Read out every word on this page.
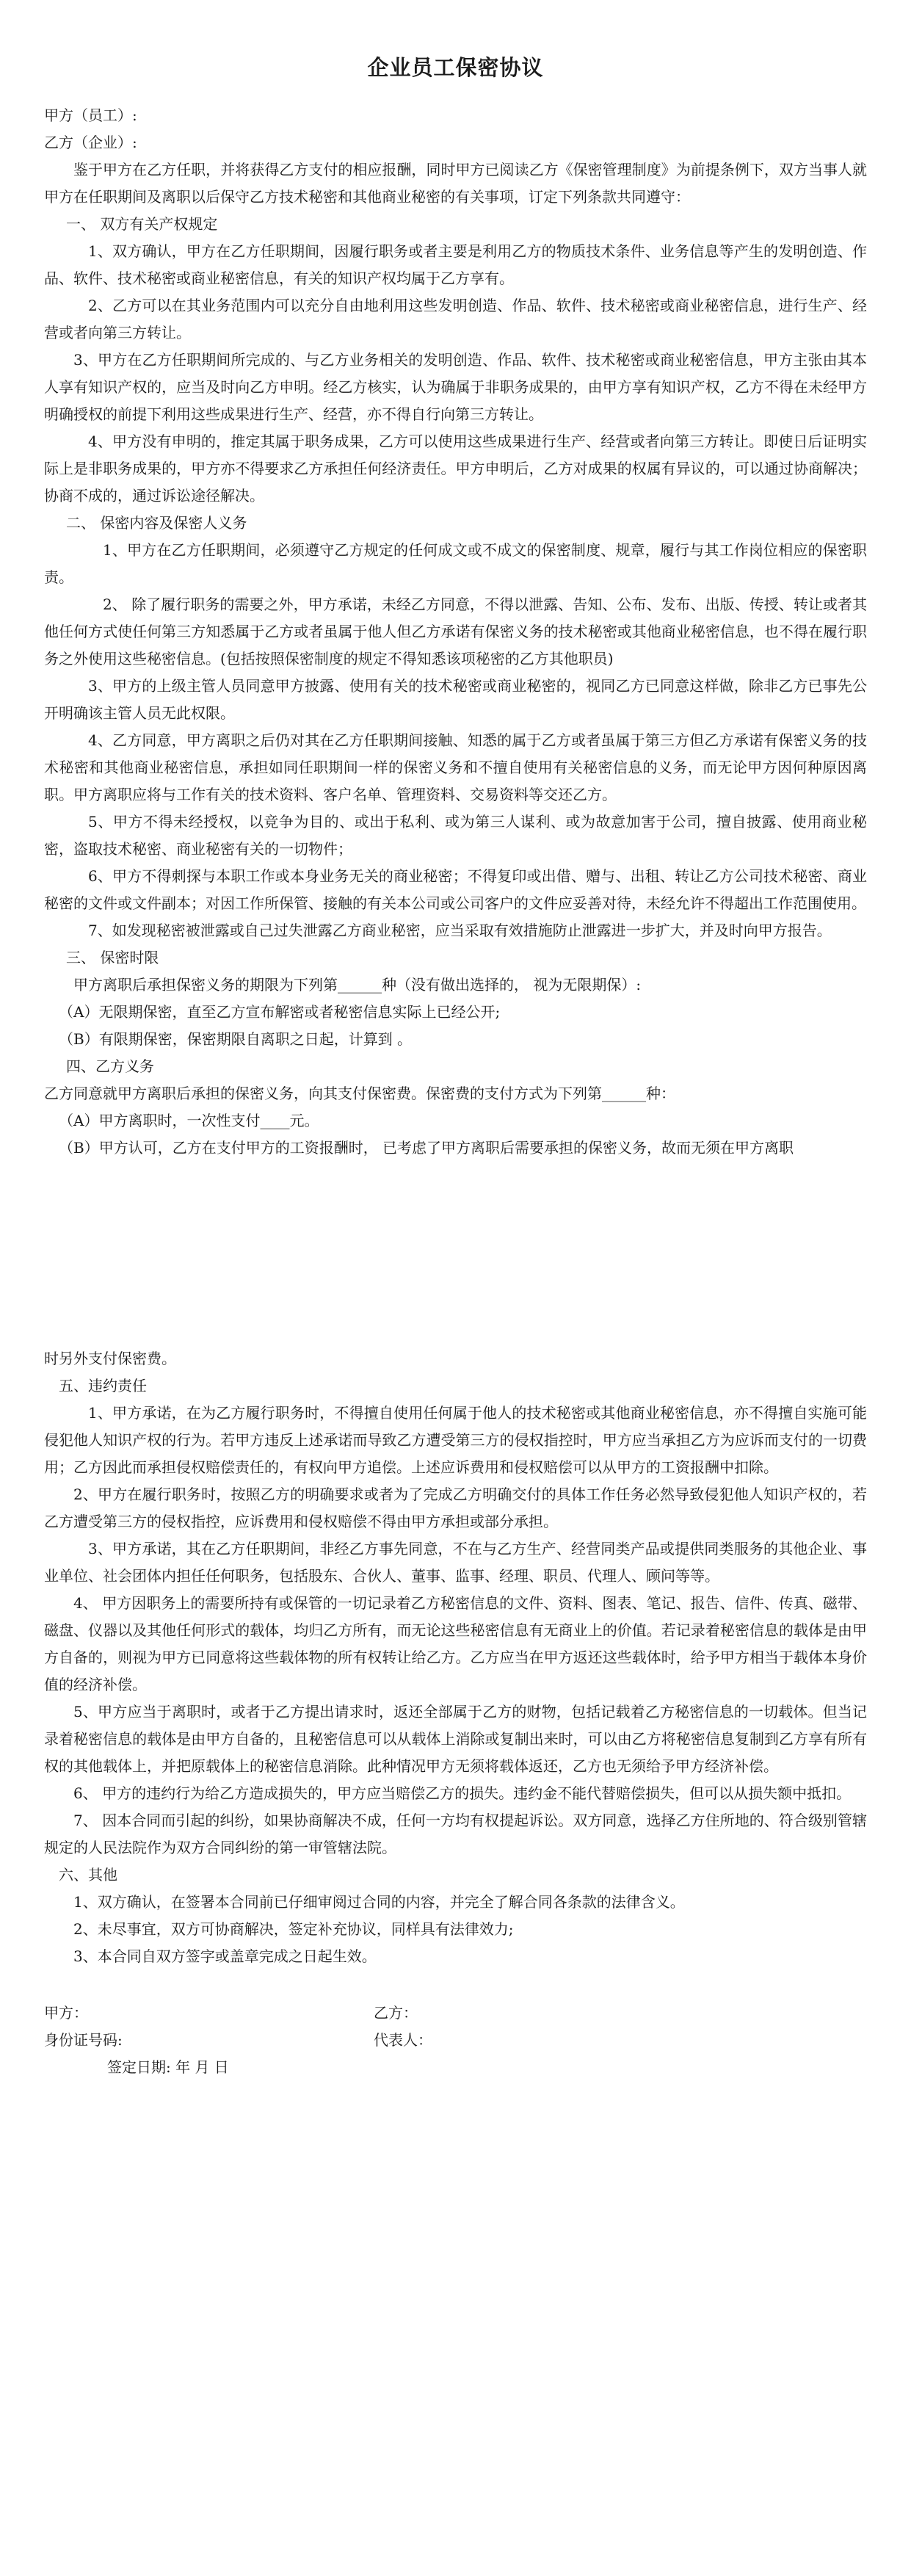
企业员工保密协议

甲方（员工）:

乙方（企业）:

鉴于甲方在乙方任职，并将获得乙方支付的相应报酬，同时甲方已阅读乙方《保密管理制度》为前提条例下，双方当事人就甲方在任职期间及离职以后保守乙方技术秘密和其他商业秘密的有关事项，订定下列条款共同遵守：

一、 双方有关产权规定

1、双方确认，甲方在乙方任职期间，因履行职务或者主要是利用乙方的物质技术条件、业务信息等产生的发明创造、作品、软件、技术秘密或商业秘密信息，有关的知识产权均属于乙方享有。

2、乙方可以在其业务范围内可以充分自由地利用这些发明创造、作品、软件、技术秘密或商业秘密信息，进行生产、经营或者向第三方转让。

3、甲方在乙方任职期间所完成的、与乙方业务相关的发明创造、作品、软件、技术秘密或商业秘密信息，甲方主张由其本人享有知识产权的，应当及时向乙方申明。经乙方核实，认为确属于非职务成果的，由甲方享有知识产权，乙方不得在未经甲方明确授权的前提下利用这些成果进行生产、经营，亦不得自行向第三方转让。

4、甲方没有申明的，推定其属于职务成果，乙方可以使用这些成果进行生产、经营或者向第三方转让。即使日后证明实际上是非职务成果的，甲方亦不得要求乙方承担任何经济责任。甲方申明后，乙方对成果的权属有异议的，可以通过协商解决；协商不成的，通过诉讼途径解决。

二、 保密内容及保密人义务

1、甲方在乙方任职期间，必须遵守乙方规定的任何成文或不成文的保密制度、规章，履行与其工作岗位相应的保密职责。

2、 除了履行职务的需要之外，甲方承诺，未经乙方同意，不得以泄露、告知、公布、发布、出版、传授、转让或者其他任何方式使任何第三方知悉属于乙方或者虽属于他人但乙方承诺有保密义务的技术秘密或其他商业秘密信息，也不得在履行职务之外使用这些秘密信息。(包括按照保密制度的规定不得知悉该项秘密的乙方其他职员)

3、甲方的上级主管人员同意甲方披露、使用有关的技术秘密或商业秘密的，视同乙方已同意这样做，除非乙方已事先公开明确该主管人员无此权限。

4、乙方同意，甲方离职之后仍对其在乙方任职期间接触、知悉的属于乙方或者虽属于第三方但乙方承诺有保密义务的技术秘密和其他商业秘密信息，承担如同任职期间一样的保密义务和不擅自使用有关秘密信息的义务，而无论甲方因何种原因离职。甲方离职应将与工作有关的技术资料、客户名单、管理资料、交易资料等交还乙方。

5、甲方不得未经授权，以竞争为目的、或出于私利、或为第三人谋利、或为故意加害于公司，擅自披露、使用商业秘密，盗取技术秘密、商业秘密有关的一切物件；

6、甲方不得刺探与本职工作或本身业务无关的商业秘密；不得复印或出借、赠与、出租、转让乙方公司技术秘密、商业秘密的文件或文件副本；对因工作所保管、接触的有关本公司或公司客户的文件应妥善对待，未经允许不得超出工作范围使用。

7、如发现秘密被泄露或自己过失泄露乙方商业秘密，应当采取有效措施防止泄露进一步扩大，并及时向甲方报告。

三、 保密时限

甲方离职后承担保密义务的期限为下列第______种（没有做出选择的， 视为无限期保）:

（A）无限期保密，直至乙方宣布解密或者秘密信息实际上已经公开;

（B）有限期保密，保密期限自离职之日起，计算到 。

四、乙方义务

乙方同意就甲方离职后承担的保密义务，向其支付保密费。保密费的支付方式为下列第______种：

（A）甲方离职时，一次性支付____元。

（B）甲方认可，乙方在支付甲方的工资报酬时， 已考虑了甲方离职后需要承担的保密义务，故而无须在甲方离职

时另外支付保密费。

五、违约责任

1、甲方承诺，在为乙方履行职务时，不得擅自使用任何属于他人的技术秘密或其他商业秘密信息，亦不得擅自实施可能侵犯他人知识产权的行为。若甲方违反上述承诺而导致乙方遭受第三方的侵权指控时，甲方应当承担乙方为应诉而支付的一切费用；乙方因此而承担侵权赔偿责任的，有权向甲方追偿。上述应诉费用和侵权赔偿可以从甲方的工资报酬中扣除。

2、甲方在履行职务时，按照乙方的明确要求或者为了完成乙方明确交付的具体工作任务必然导致侵犯他人知识产权的，若乙方遭受第三方的侵权指控，应诉费用和侵权赔偿不得由甲方承担或部分承担。

3、甲方承诺，其在乙方任职期间，非经乙方事先同意，不在与乙方生产、经营同类产品或提供同类服务的其他企业、事业单位、社会团体内担任任何职务，包括股东、合伙人、董事、监事、经理、职员、代理人、顾问等等。

4、 甲方因职务上的需要所持有或保管的一切记录着乙方秘密信息的文件、资料、图表、笔记、报告、信件、传真、磁带、磁盘、仪器以及其他任何形式的载体，均归乙方所有，而无论这些秘密信息有无商业上的价值。若记录着秘密信息的载体是由甲方自备的，则视为甲方已同意将这些载体物的所有权转让给乙方。乙方应当在甲方返还这些载体时，给予甲方相当于载体本身价值的经济补偿。

5、甲方应当于离职时，或者于乙方提出请求时，返还全部属于乙方的财物，包括记载着乙方秘密信息的一切载体。但当记录着秘密信息的载体是由甲方自备的，且秘密信息可以从载体上消除或复制出来时，可以由乙方将秘密信息复制到乙方享有所有权的其他载体上，并把原载体上的秘密信息消除。此种情况甲方无须将载体返还，乙方也无须给予甲方经济补偿。

6、 甲方的违约行为给乙方造成损失的，甲方应当赔偿乙方的损失。违约金不能代替赔偿损失，但可以从损失额中抵扣。

7、 因本合同而引起的纠纷，如果协商解决不成，任何一方均有权提起诉讼。双方同意，选择乙方住所地的、符合级别管辖规定的人民法院作为双方合同纠纷的第一审管辖法院。

六、其他

1、双方确认，在签署本合同前已仔细审阅过合同的内容，并完全了解合同各条款的法律含义。

2、未尽事宜，双方可协商解决，签定补充协议，同样具有法律效力;

3、本合同自双方签字或盖章完成之日起生效。

甲方：	乙方：
身份证号码:	代表人：
签定日期: 年 月 日
